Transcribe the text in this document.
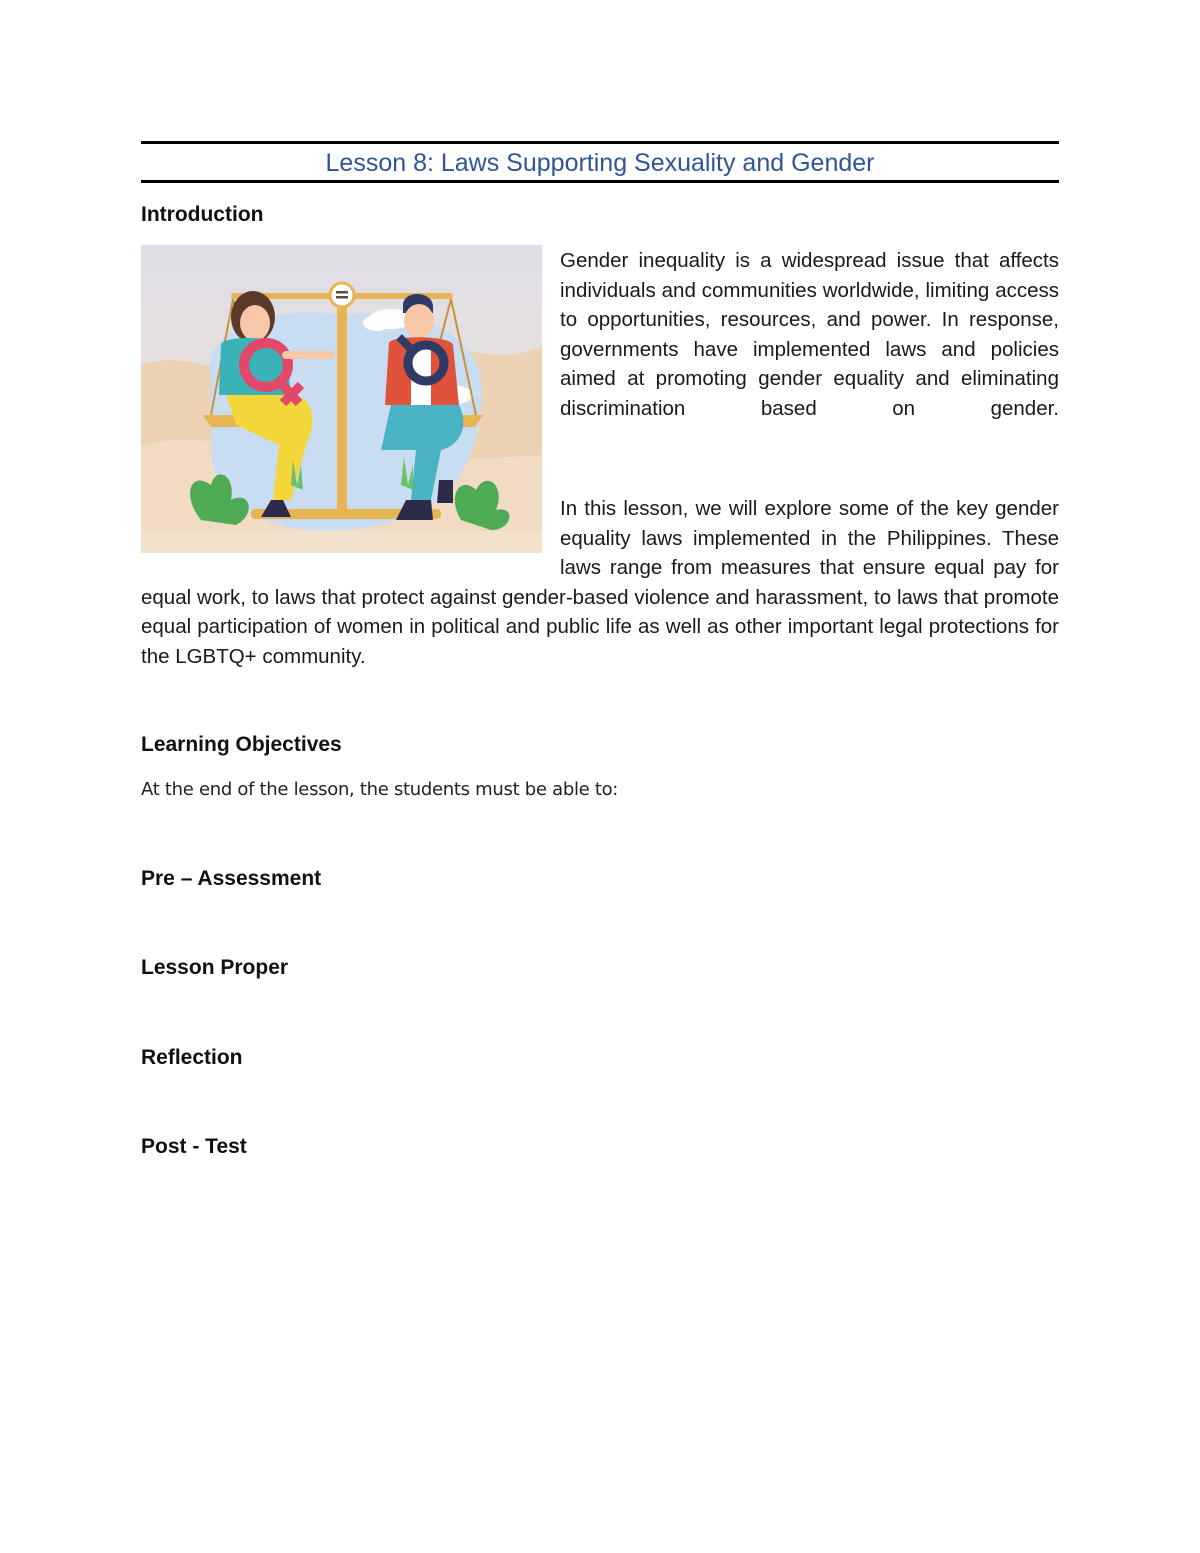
Lesson 8: Laws Supporting Sexuality and Gender
Introduction

Gender inequality is a widespread issue that affects individuals and communities worldwide, limiting access to opportunities, resources, and power. In response, governments have implemented laws and policies aimed at promoting gender equality and eliminating discrimination based on gender.

In this lesson, we will explore some of the key gender equality laws implemented in the Philippines. These laws range from measures that ensure equal pay for equal work, to laws that protect against gender-based violence and harassment, to laws that promote equal participation of women in political and public life as well as other important legal protections for the LGBTQ+ community.

Learning Objectives

At the end of the lesson, the students must be able to:

Pre – Assessment
Lesson Proper
Reflection
Post - Test
